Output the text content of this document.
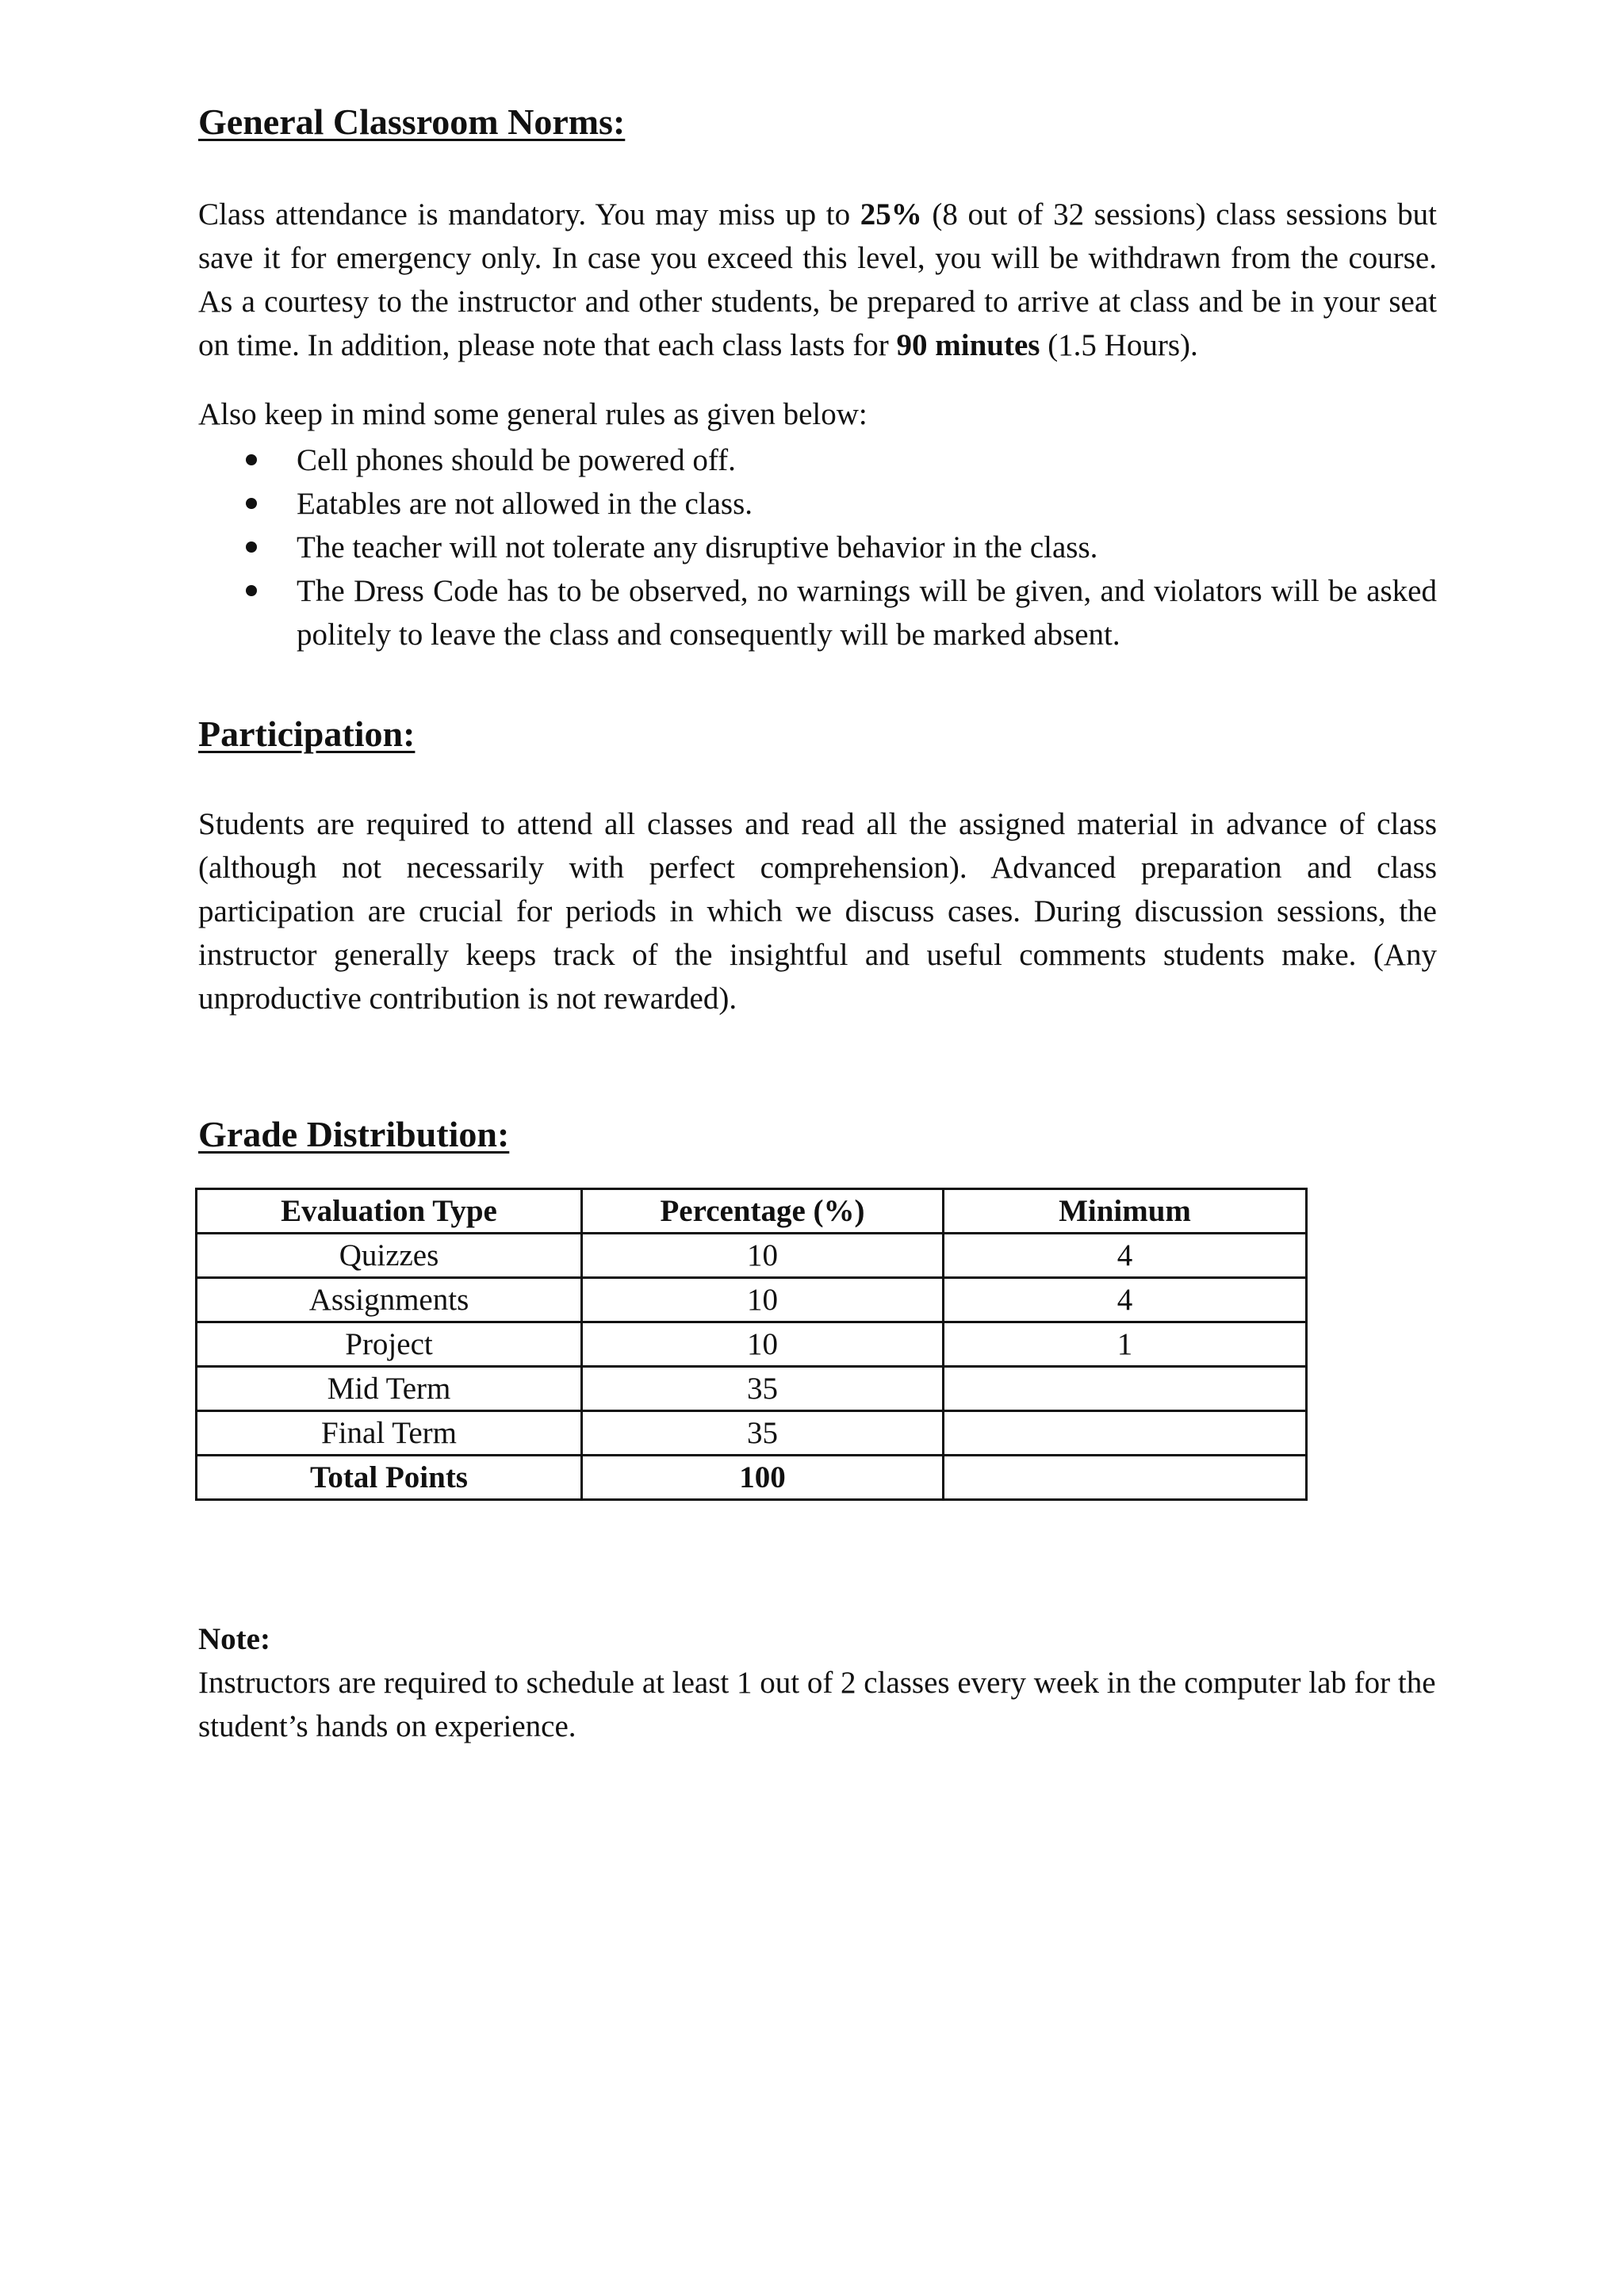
General Classroom Norms:

Class attendance is mandatory. You may miss up to 25% (8 out of 32 sessions) class sessions but save it for emergency only. In case you exceed this level, you will be withdrawn from the course. As a courtesy to the instructor and other students, be prepared to arrive at class and be in your seat on time. In addition, please note that each class lasts for 90 minutes (1.5 Hours).

Also keep in mind some general rules as given below:

Cell phones should be powered off.
Eatables are not allowed in the class.
The teacher will not tolerate any disruptive behavior in the class.
The Dress Code has to be observed, no warnings will be given, and violators will be asked politely to leave the class and consequently will be marked absent.
Participation:

Students are required to attend all classes and read all the assigned material in advance of class (although not necessarily with perfect comprehension). Advanced preparation and class participation are crucial for periods in which we discuss cases. During discussion sessions, the instructor generally keeps track of the insightful and useful comments students make. (Any unproductive contribution is not rewarded).

Grade Distribution:
Evaluation Type	Percentage (%)	Minimum
Quizzes	10	4
Assignments	10	4
Project	10	1
Mid Term	35	
Final Term	35	
Total Points	100	

Note:

Instructors are required to schedule at least 1 out of 2 classes every week in the computer lab for the student’s hands on experience.
